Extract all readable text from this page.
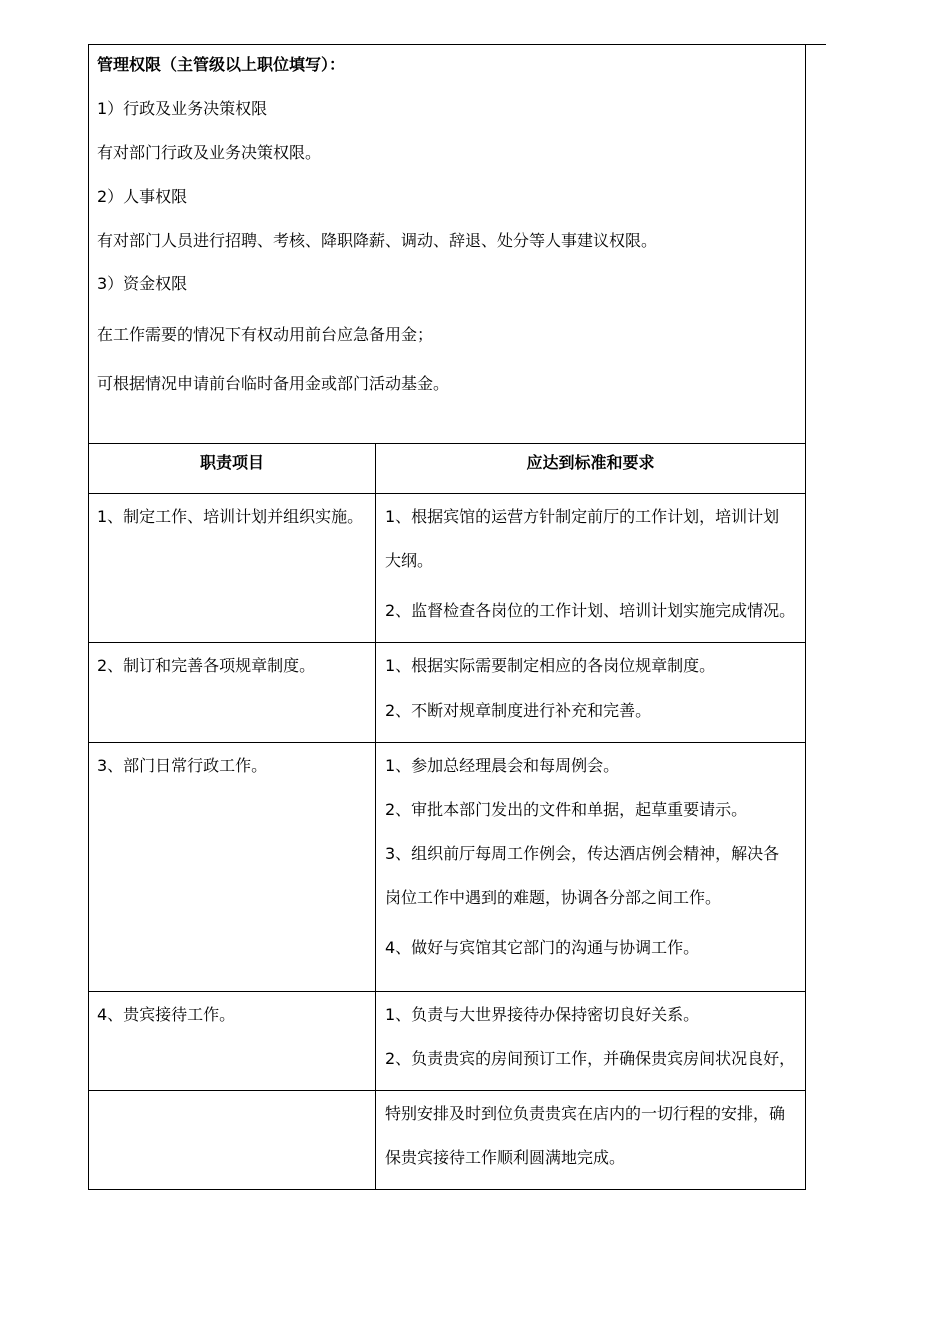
管理权限（主管级以上职位填写）：
1）行政及业务决策权限
有对部门行政及业务决策权限。
2）人事权限
有对部门人员进行招聘、考核、降职降薪、调动、辞退、处分等人事建议权限。
3）资金权限
在工作需要的情况下有权动用前台应急备用金；
可根据情况申请前台临时备用金或部门活动基金。
职责项目	应达到标准和要求
1、制定工作、培训计划并组织实施。 1、根据宾馆的运营方针制定前厅的工作计划，培训计划
大纲。
2、监督检查各岗位的工作计划、培训计划实施完成情况。
2、制订和完善各项规章制度。	1、根据实际需要制定相应的各岗位规章制度。
2、不断对规章制度进行补充和完善。
3、部门日常行政工作。	1、参加总经理晨会和每周例会。
2、审批本部门发出的文件和单据，起草重要请示。
3、组织前厅每周工作例会，传达酒店例会精神，解决各
岗位工作中遇到的难题，协调各分部之间工作。
4、做好与宾馆其它部门的沟通与协调工作。
4、贵宾接待工作。	1、负责与大世界接待办保持密切良好关系。
2、负责贵宾的房间预订工作，并确保贵宾房间状况良好，
特别安排及时到位负责贵宾在店内的一切行程的安排，确
保贵宾接待工作顺利圆满地完成。
